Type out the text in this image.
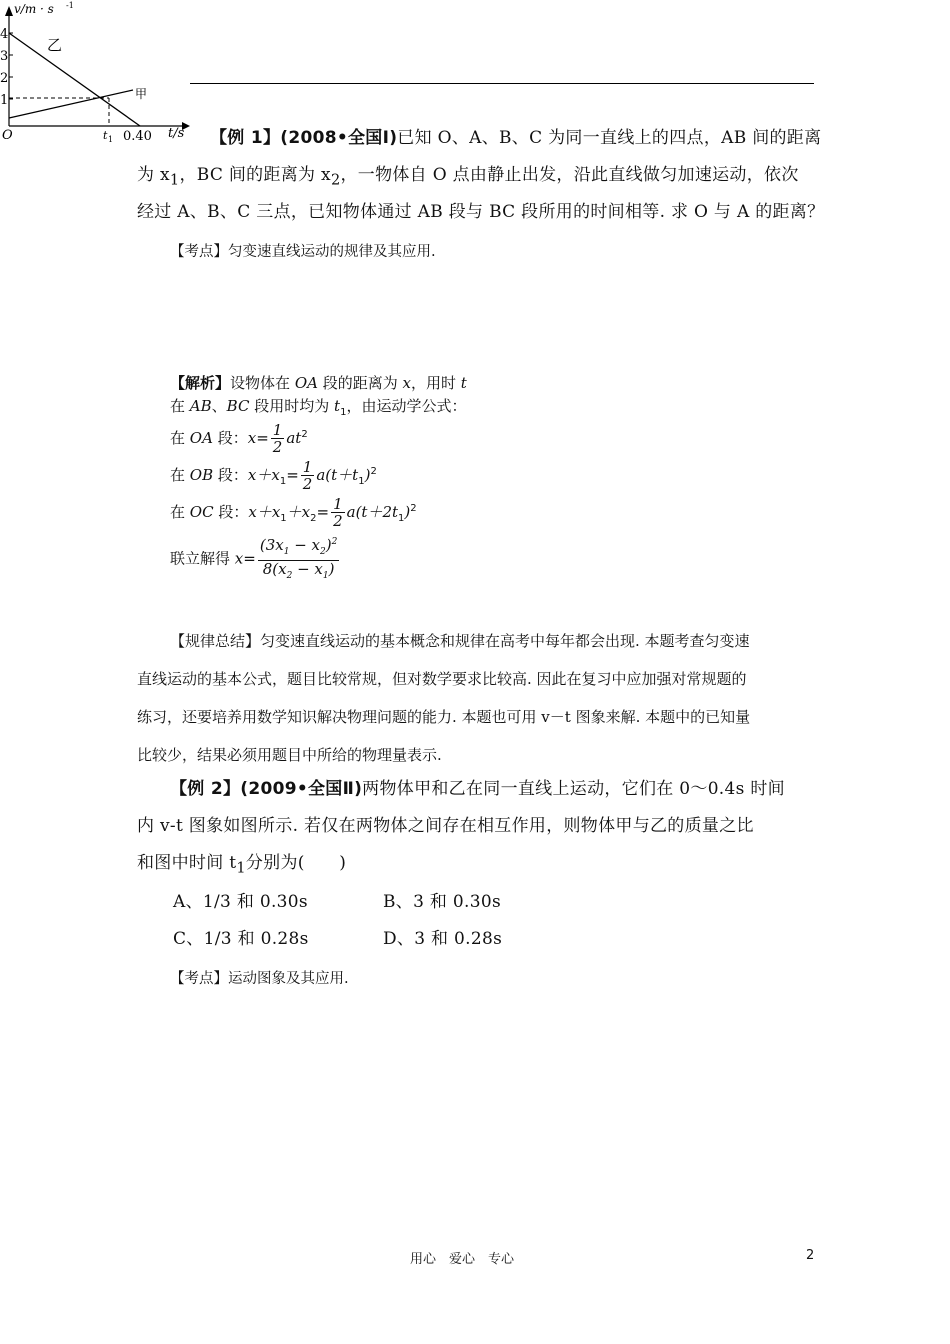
v/m · s -1
4
3
2
1
O	t 1 0.40 t/s
乙
甲
【例 1】(2008•全国Ⅰ)已知 O、A、B、C 为同一直线上的四点，AB 间的距离
为 $x_1$，BC 间的距离为 $x_2$，一物体自 O 点由静止出发，沿此直线做匀加速运动，依次
经过 A、B、C 三点，已知物体通过 AB 段与 BC 段所用的时间相等. 求 O 与 A 的距离？
【考点】匀变速直线运动的规律及其应用.
【解析】设物体在 OA 段的距离为 x，用时 t
在 AB、BC 段用时均为 $t_1$，由运动学公式：
在 OA 段：$x= \frac{1}{2} at^2$
在 OB 段：$x+x_1= \frac{1}{2} a(t+t_1)^2$
在 OC 段：$x+x_1+x_2= \frac{1}{2} a(t+2t_1)^2$
联立解得 $x= \frac{(3x_1 - x_2)^2}{8(x_2 - x_1)}$
【规律总结】匀变速直线运动的基本概念和规律在高考中每年都会出现. 本题考查匀变速
直线运动的基本公式，题目比较常规，但对数学要求比较高. 因此在复习中应加强对常规题的
练习，还要培养用数学知识解决物理问题的能力. 本题也可用 v－t 图象来解. 本题中的已知量
比较少，结果必须用题目中所给的物理量表示.
【例 2】(2009•全国Ⅱ)两物体甲和乙在同一直线上运动，它们在 0～0.4s 时间
内 v-t 图象如图所示. 若仅在两物体之间存在相互作用，则物体甲与乙的质量之比
和图中时间 $t_1$分别为(　　)
A、1/3 和 0.30s	B、3 和 0.30s
C、1/3 和 0.28s	D、3 和 0.28s
【考点】运动图象及其应用.
用心　爱心　专心	2
